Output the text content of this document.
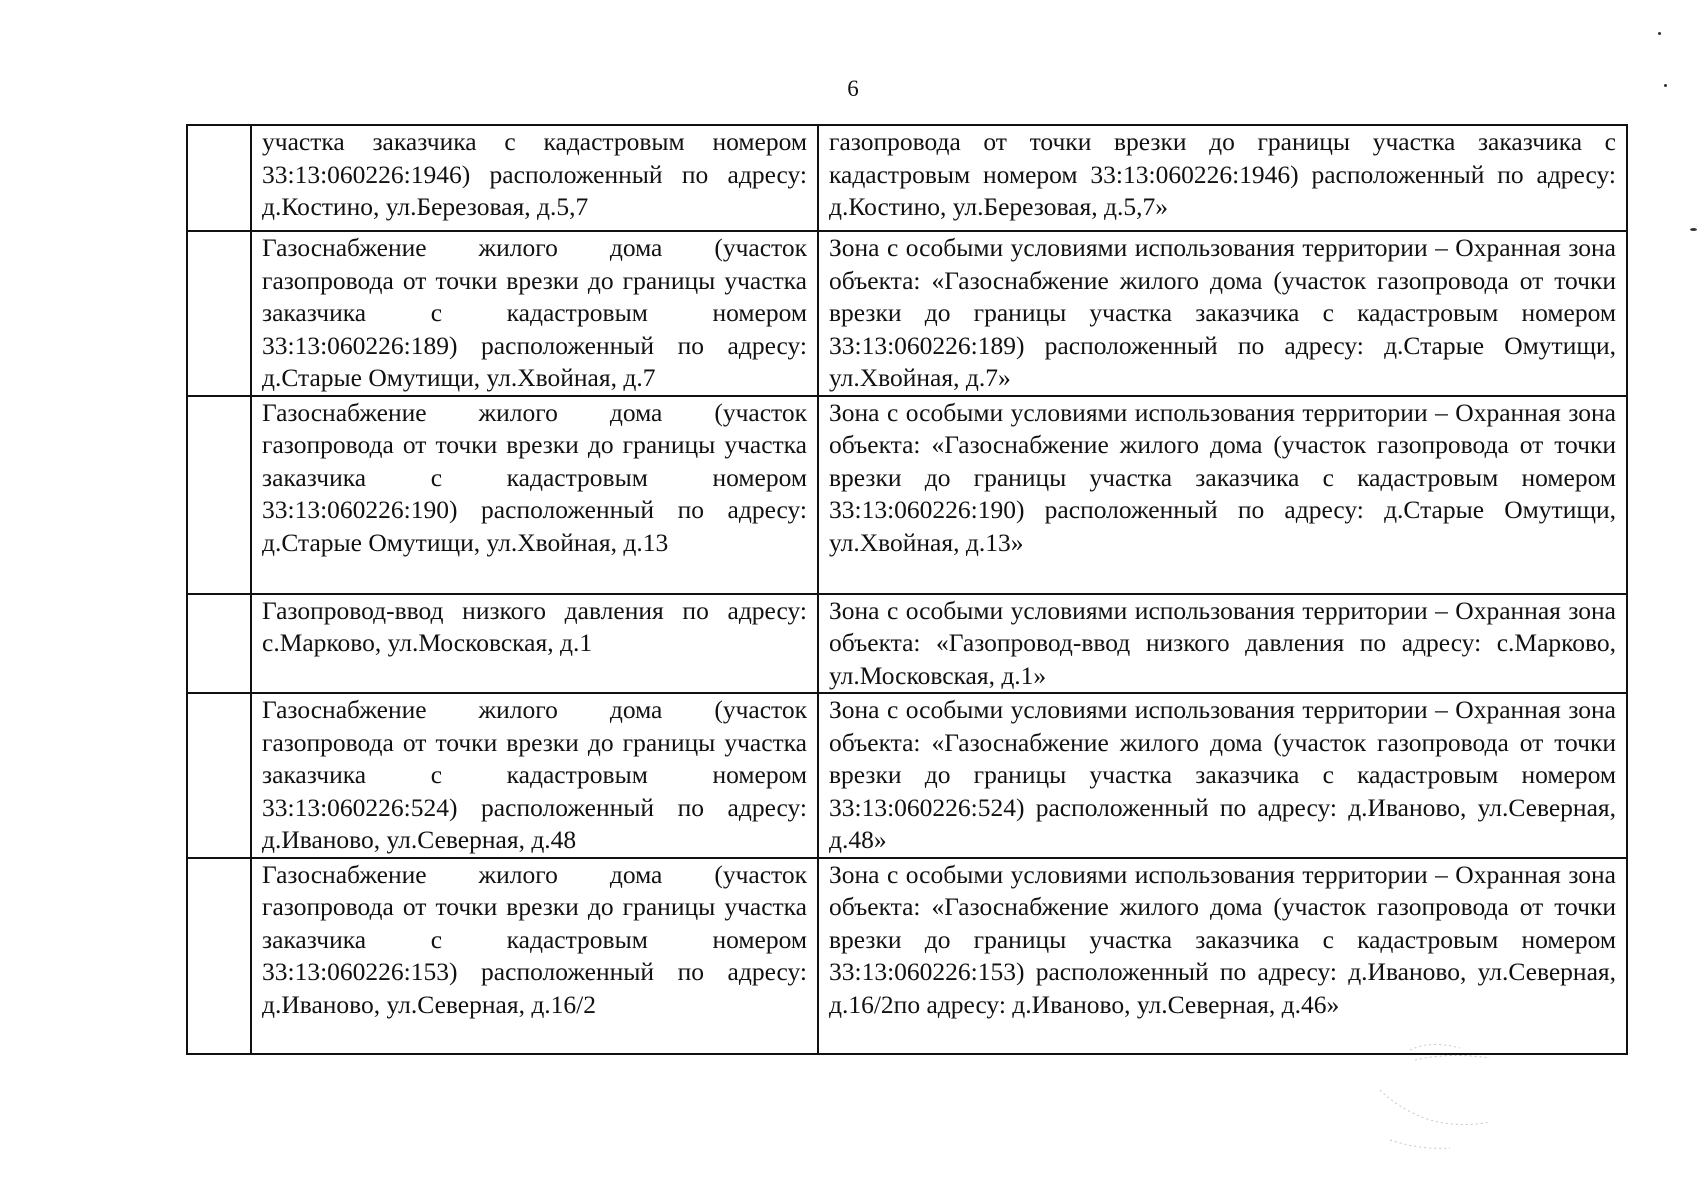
6
	участка заказчика с кадастровым номером 33:13:060226:1946) расположенный по адресу: д.Костино, ул.Березовая, д.5,7	газопровода от точки врезки до границы участка заказчика с кадастровым номером 33:13:060226:1946) расположенный по адресу: д.Костино, ул.Березовая, д.5,7»
	Газоснабжение жилого дома (участок газопровода от точки врезки до границы участка заказчика с кадастровым номером 33:13:060226:189) расположенный по адресу: д.Старые Омутищи, ул.Хвойная, д.7	Зона с особыми условиями использования территории – Охранная зона объекта: «Газоснабжение жилого дома (участок газопровода от точки врезки до границы участка заказчика с кадастровым номером 33:13:060226:189) расположенный по адресу: д.Старые Омутищи, ул.Хвойная, д.7»
	Газоснабжение жилого дома (участок газопровода от точки врезки до границы участка заказчика с кадастровым номером 33:13:060226:190) расположенный по адресу: д.Старые Омутищи, ул.Хвойная, д.13	Зона с особыми условиями использования территории – Охранная зона объекта: «Газоснабжение жилого дома (участок газопровода от точки врезки до границы участка заказчика с кадастровым номером 33:13:060226:190) расположенный по адресу: д.Старые Омутищи, ул.Хвойная, д.13»
	Газопровод-ввод низкого давления по адресу: с.Марково, ул.Московская, д.1	Зона с особыми условиями использования территории – Охранная зона объекта: «Газопровод-ввод низкого давления по адресу: с.Марково, ул.Московская, д.1»
	Газоснабжение жилого дома (участок газопровода от точки врезки до границы участка заказчика с кадастровым номером 33:13:060226:524) расположенный по адресу: д.Иваново, ул.Северная, д.48	Зона с особыми условиями использования территории – Охранная зона объекта: «Газоснабжение жилого дома (участок газопровода от точки врезки до границы участка заказчика с кадастровым номером 33:13:060226:524) расположенный по адресу: д.Иваново, ул.Северная, д.48»
	Газоснабжение жилого дома (участок газопровода от точки врезки до границы участка заказчика с кадастровым номером 33:13:060226:153) расположенный по адресу: д.Иваново, ул.Северная, д.16/2	Зона с особыми условиями использования территории – Охранная зона объекта: «Газоснабжение жилого дома (участок газопровода от точки врезки до границы участка заказчика с кадастровым номером 33:13:060226:153) расположенный по адресу: д.Иваново, ул.Северная, д.16/2по адресу: д.Иваново, ул.Северная, д.46»
